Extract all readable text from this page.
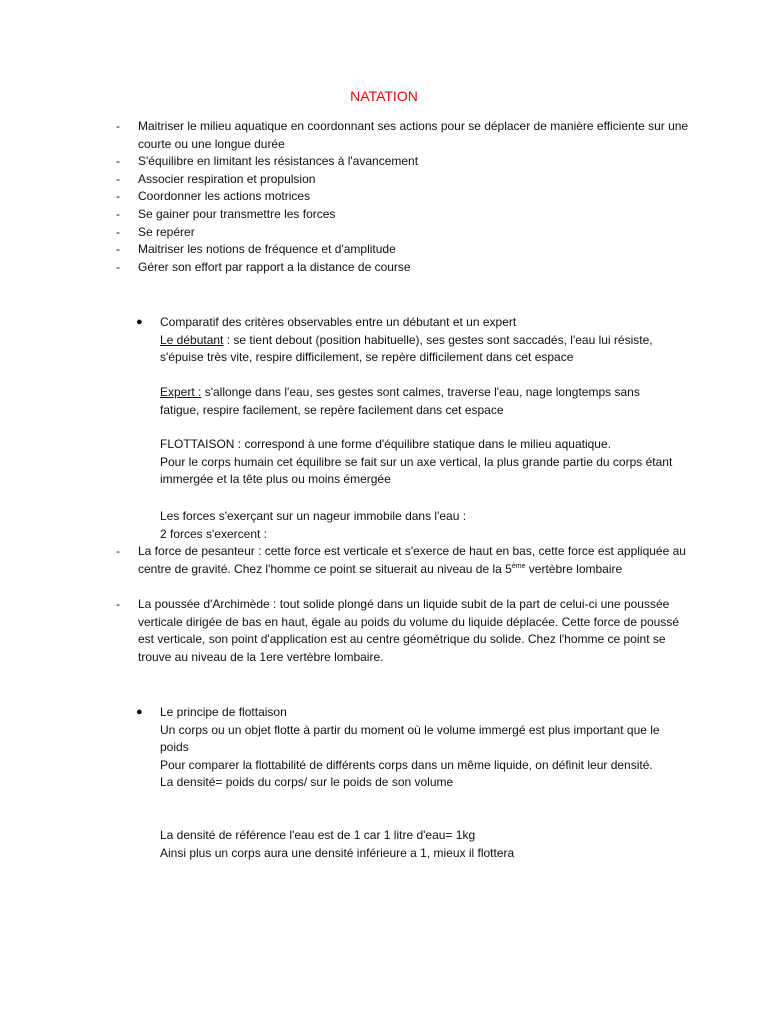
NATATION
- Maitriser le milieu aquatique en coordonnant ses actions pour se déplacer de manière efficiente sur une courte ou une longue durée
- S'équilibre en limitant les résistances à l'avancement
- Associer respiration et propulsion
- Coordonner les actions motrices
- Se gainer pour transmettre les forces
- Se repérer
- Maitriser les notions de fréquence et d'amplitude
- Gérer son effort par rapport a la distance de course
● Comparatif des critères observables entre un débutant et un expert

Le débutant : se tient debout (position habituelle), ses gestes sont saccadés, l'eau lui résiste, s'épuise très vite, respire difficilement, se repère difficilement dans cet espace

Expert : s'allonge dans l'eau, ses gestes sont calmes, traverse l'eau, nage longtemps sans fatigue, respire facilement, se repère facilement dans cet espace

FLOTTAISON : correspond à une forme d'équilibre statique dans le milieu aquatique.

Pour le corps humain cet équilibre se fait sur un axe vertical, la plus grande partie du corps étant immergée et la tête plus ou moins émergée

Les forces s'exerçant sur un nageur immobile dans l'eau :

2 forces s'exercent :

- La force de pesanteur : cette force est verticale et s'exerce de haut en bas, cette force est appliquée au centre de gravité. Chez l'homme ce point se situerait au niveau de la 5ème vertèbre lombaire
- La poussée d'Archimède : tout solide plongé dans un liquide subit de la part de celui-ci une poussée verticale dirigée de bas en haut, égale au poids du volume du liquide déplacée. Cette force de poussé est verticale, son point d'application est au centre géométrique du solide. Chez l'homme ce point se trouve au niveau de la 1ere vertèbre lombaire.
● Le principe de flottaison

Un corps ou un objet flotte à partir du moment où le volume immergé est plus important que le poids

Pour comparer la flottabilité de différents corps dans un même liquide, on définit leur densité.

La densité= poids du corps/ sur le poids de son volume

La densité de référence l'eau est de 1 car 1 litre d'eau= 1kg

Ainsi plus un corps aura une densité inférieure a 1, mieux il flottera
